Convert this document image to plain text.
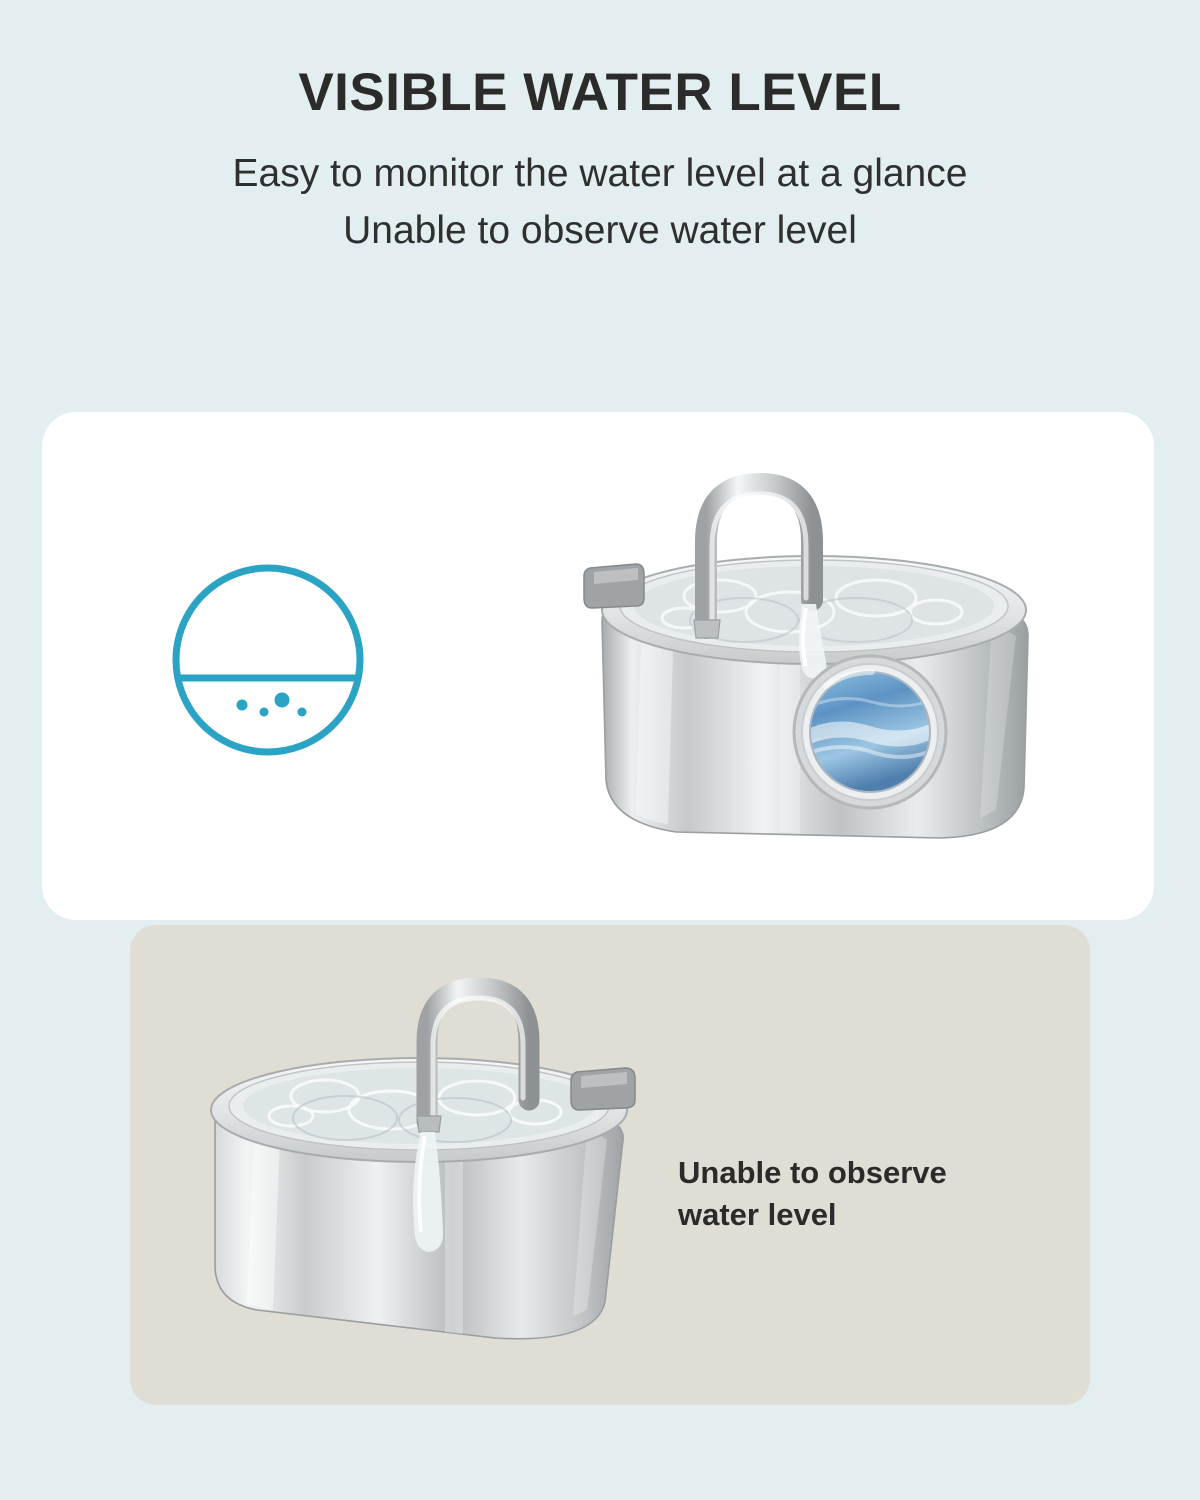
VISIBLE WATER LEVEL

Easy to monitor the water level at a glance

Unable to observe water level

Unable to observe
water level
